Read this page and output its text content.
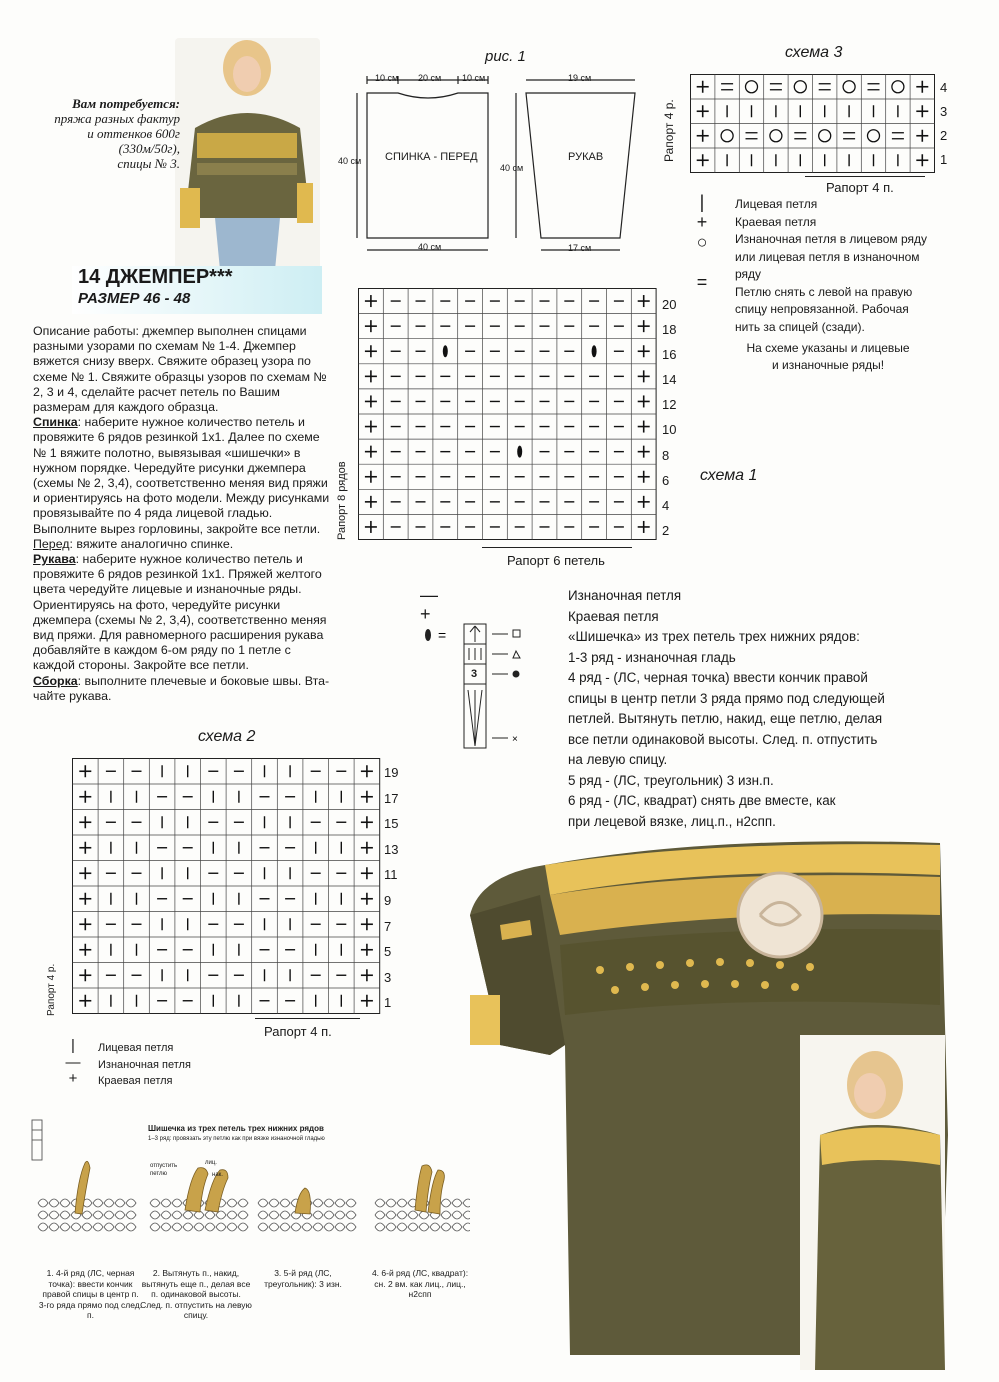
Вам потребуется:
пряжа разных фактур
и оттенков 600г
(330м/50г),
спицы № 3.
14 ДЖЕМПЕР***
РАЗМЕР 46 - 48

Описание работы: джемпер выполнен спицами разными узорами по схемам № 1-4. Джемпер вяжется снизу вверх. Свяжите образец узора по схеме № 1. Свяжите образцы узоров по схемам № 2, 3 и 4, сделайте расчет петель по Вашим размерам для каждого образца.

Спинка: наберите нужное количество петель и провяжите 6 рядов резинкой 1х1. Далее по схеме № 1 вяжите полотно, вывязывая «шишечки» в нужном порядке. Чередуйте рисунки джемпера (схемы № 2, 3,4), соответственно меняя вид пряжи и ориентируясь на фото модели. Между рисунками провязывайте по 4 ряда лицевой гладью. Выполните вырез горловины, закройте все петли.

Перед: вяжите аналогично спинке.

Рукава: наберите нужное количество петель и провяжите 6 рядов резинкой 1х1. Пряжей желтого цвета чередуйте лицевые и изнаночные ряды. Ориентируясь на фото, чередуйте рисунки джемпера (схемы № 2, 3,4), соответственно меняя вид пряжи. Для равномерного расширения рукава добавляйте в каждом 6-ом ряду по 1 петле с каждой стороны. Закройте все петли.

Сборка: выполните плечевые и боковые швы. Втачайте рукава.

рис. 1
10 см 20 см 10 см
40 см СПИНКА - ПЕРЕД
40 см
19 см
40 см
РУКАВ
17 см
схема 3
Рапорт 4 р.
4
3
2
1
Рапорт 4 п.
|
+
○
=
Лицевая петля
Краевая петля
Изнаночная петля в лицевом ряду
или лицевая петля в изнаночном
ряду
Петлю снять с левой на правую
спицу непровязанной. Рабочая
нить за спицей (сзади).
На схеме указаны и лицевые
и изнаночные ряды!
20
18
16
14
12
10
8
6
4
2
Рапорт 8 рядов
Рапорт 6 петель
схема 1
—
+
=
×
3
Изнаночная петля
Краевая петля
«Шишечка» из трех петель трех нижних рядов:
1-3 ряд - изнаночная гладь
4 ряд - (ЛС, черная точка) ввести кончик правой
спицы в центр петли 3 ряда прямо под следующей
петлей. Вытянуть петлю, накид, еще петлю, делая
все петли одинаковой высоты. След. п. отпустить
на левую спицу.
5 ряд - (ЛС, треугольник) 3 изн.п.
6 ряд - (ЛС, квадрат) снять две вместе, как
при лецевой вязке, лиц.п., н2спп.
схема 2
19
17
15
13
11
9
7
5
3
1
Рапорт 4 р.
Рапорт 4 п.
|
—
+
Лицевая петля
Изнаночная петля
Краевая петля
Шишечка из трех петель трех нижних рядов
1–3 ряд: провязать эту петлю как при вязке изнаночной гладью
отпустить
петлю
лиц.
нак.
1. 4-й ряд (ЛС, черная точка): ввести кончик правой спицы в центр п. 3-го ряда прямо под след. п.
2. Вытянуть п., накид, вытянуть еще п., делая все п. одинаковой высоты. След. п. отпустить на левую спицу.
3. 5-й ряд (ЛС, треугольник): 3 изн.
4. 6-й ряд (ЛС, квадрат): сн. 2 вм. как лиц., лиц., н2спп
